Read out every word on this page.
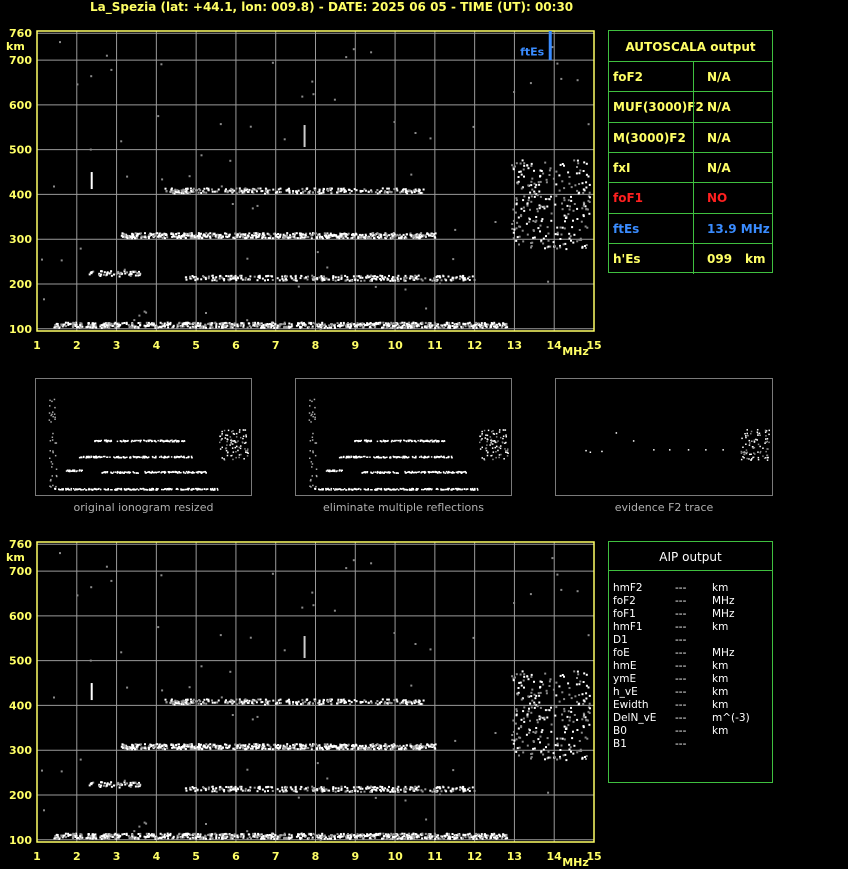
La_Spezia (lat: +44.1, lon: 009.8) - DATE: 2025 06 05 - TIME (UT): 00:30
100
200
300
400
500
600
700
760
km
1	2	3	4	5	6	7	8	9	10 11 12 13 14 15
MHz
ftEs
100
200
300
400
500
600
700
760
km
1	2	3	4	5	6	7	8	9	10 11 12 13 14 15
MHz
AUTOSCALA output
foF2	N/A
MUF(3000)F2 N/A
M(3000)F2 N/A
fxI	N/A
foF1	NO
ftEs	13.9 MHz
h'Es	099 km
original ionogram resized	eliminate multiple reflections	evidence F2 trace
AIP output
hmF2	--- km
foF2	--- MHz
foF1	--- MHz
hmF1	--- km
D1	---
foE	--- MHz
hmE	--- km
ymE	--- km
h_vE	--- km
Ewidth	--- km
DelN_vE --- m^(-3)
B0	--- km
B1	---
